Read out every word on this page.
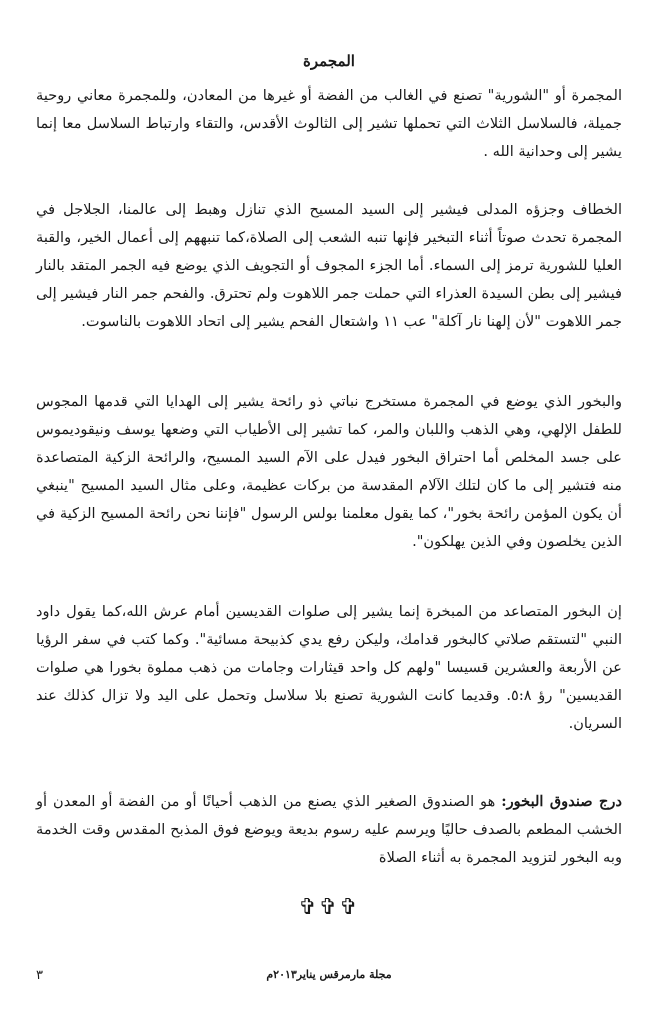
المجمرة

المجمرة أو "الشورية" تصنع في الغالب من الفضة أو غيرها من المعادن، وللمجمرة معاني روحية جميلة، فالسلاسل الثلاث التي تحملها تشير إلى الثالوث الأقدس، والتقاء وارتباط السلاسل معا إنما يشير إلى وحدانية الله .

الخطاف وجزؤه المدلى فيشير إلى السيد المسيح الذي تنازل وهبط إلى عالمنا، الجلاجل في المجمرة تحدث صوتاً أثناء التبخير فإنها تنبه الشعب إلى الصلاة،كما تنبههم إلى أعمال الخير، والقبة العليا للشورية ترمز إلى السماء. أما الجزء المجوف أو التجويف الذي يوضع فيه الجمر المتقد بالنار فيشير إلى بطن السيدة العذراء التي حملت جمر اللاهوت ولم تحترق. والفحم جمر النار فيشير إلى جمر اللاهوت "لأن إلهنا نار آكلة" عب ١١ واشتعال الفحم يشير إلى اتحاد اللاهوت بالناسوت.

والبخور الذي يوضع في المجمرة مستخرج نباتي ذو رائحة يشير إلى الهدايا التي قدمها المجوس للطفل الإلهي، وهي الذهب واللبان والمر، كما تشير إلى الأطياب التي وضعها يوسف ونيقوديموس على جسد المخلص أما احتراق البخور فيدل على الآم السيد المسيح، والرائحة الزكية المتصاعدة منه فتشير إلى ما كان لتلك الآلام المقدسة من بركات عظيمة، وعلى مثال السيد المسيح "ينبغي أن يكون المؤمن رائحة بخور"، كما يقول معلمنا بولس الرسول "فإننا نحن رائحة المسيح الزكية في الذين يخلصون وفي الذين يهلكون".

إن البخور المتصاعد من المبخرة إنما يشير إلى صلوات القديسين أمام عرش الله،كما يقول داود النبي "لتستقم صلاتي كالبخور قدامك، وليكن رفع يدي كذبيحة مسائية". وكما كتب في سفر الرؤيا عن الأربعة والعشرين قسيسا "ولهم كل واحد قيثارات وجامات من ذهب مملوة بخورا هي صلوات القديسين" رؤ ٥:٨. وقديما كانت الشورية تصنع بلا سلاسل وتحمل على اليد ولا تزال كذلك عند السريان.

درج صندوق البخور: هو الصندوق الصغير الذي يصنع من الذهب أحيانًا أو من الفضة أو المعدن أو الخشب المطعم بالصدف حاليًا ويرسم عليه رسوم بديعة ويوضع فوق المذبح المقدس وقت الخدمة وبه البخور لتزويد المجمرة به أثناء الصلاة

✞✞✞

مجلة مارمرقس يناير٢٠١٣م

٣
